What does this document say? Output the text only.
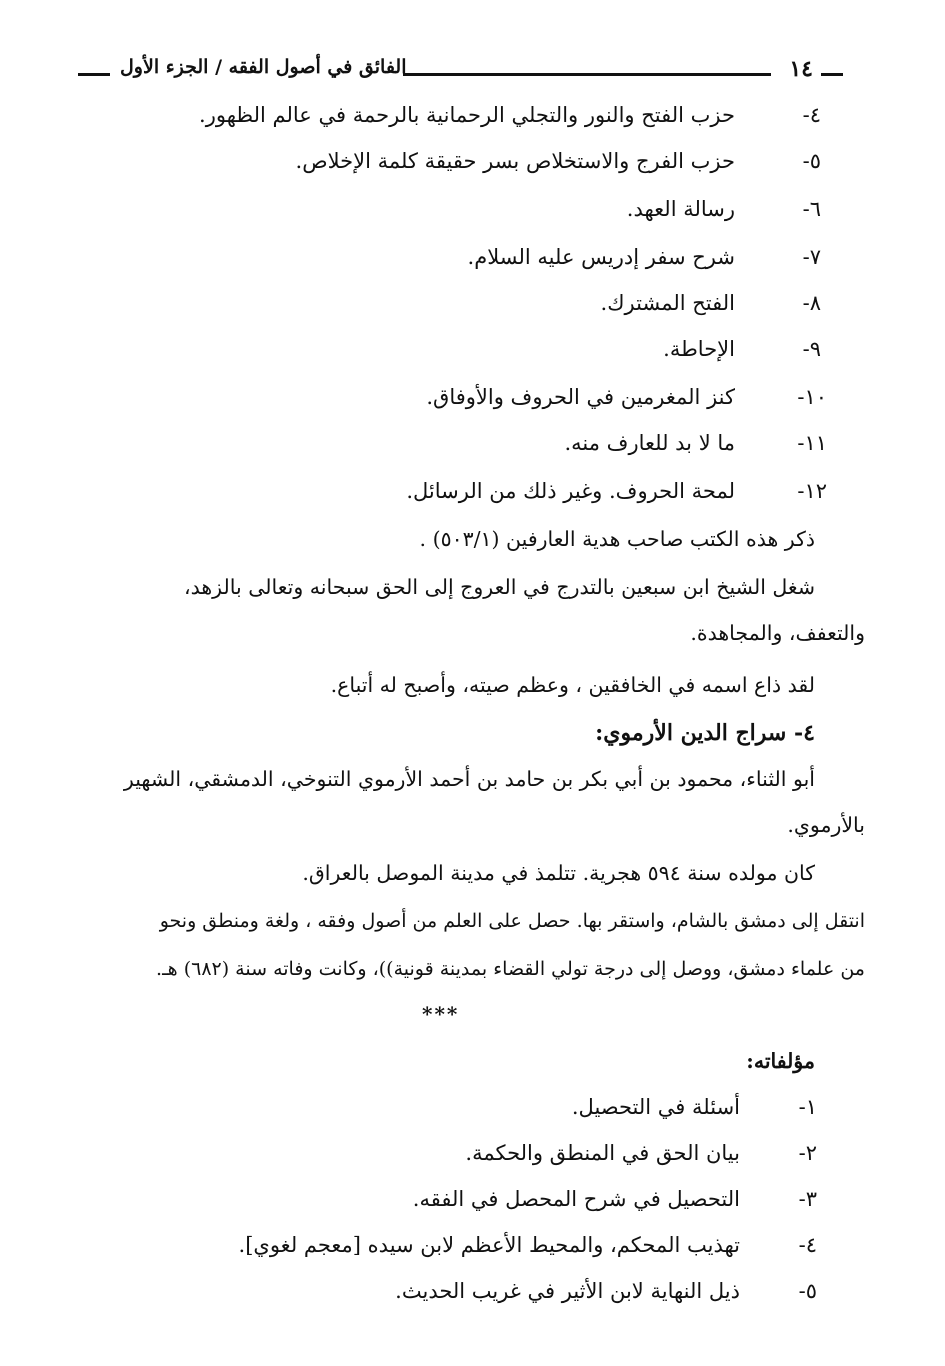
١٤
الفائق في أصول الفقه / الجزء الأول
٤-
حزب الفتح والنور والتجلي الرحمانية بالرحمة في عالم الظهور.
٥-
حزب الفرج والاستخلاص بسر حقيقة كلمة الإخلاص.
٦-
رسالة العهد.
٧-
شرح سفر إدريس عليه السلام.
٨-
الفتح المشترك.
٩-
الإحاطة.
١٠-
كنز المغرمين في الحروف والأوفاق.
١١-
ما لا بد للعارف منه.
١٢-
لمحة الحروف. وغير ذلك من الرسائل.
ذكر هذه الكتب صاحب هدية العارفين (٥٠٣/١) .
شغل الشيخ ابن سبعين بالتدرج في العروج إلى الحق سبحانه وتعالى بالزهد،
والتعفف، والمجاهدة.
لقد ذاع اسمه في الخافقين ، وعظم صيته، وأصبح له أتباع.
٤- سراج الدين الأرموي:
أبو الثناء، محمود بن أبي بكر بن حامد بن أحمد الأرموي التنوخي، الدمشقي، الشهير
بالأرموي.
كان مولده سنة ٥٩٤ هجرية. تتلمذ في مدينة الموصل بالعراق.
انتقل إلى دمشق بالشام، واستقر بها. حصل على العلم من أصول وفقه ، ولغة ومنطق ونحو
من علماء دمشق، ووصل إلى درجة تولي القضاء بمدينة قونية))، وكانت وفاته سنة (٦٨٢) هـ.
***
مؤلفاته:
١-
أسئلة في التحصيل.
٢-
بيان الحق في المنطق والحكمة.
٣-
التحصيل في شرح المحصل في الفقه.
٤-
تهذيب المحكم، والمحيط الأعظم لابن سيده [معجم لغوي].
٥-
ذيل النهاية لابن الأثير في غريب الحديث.
